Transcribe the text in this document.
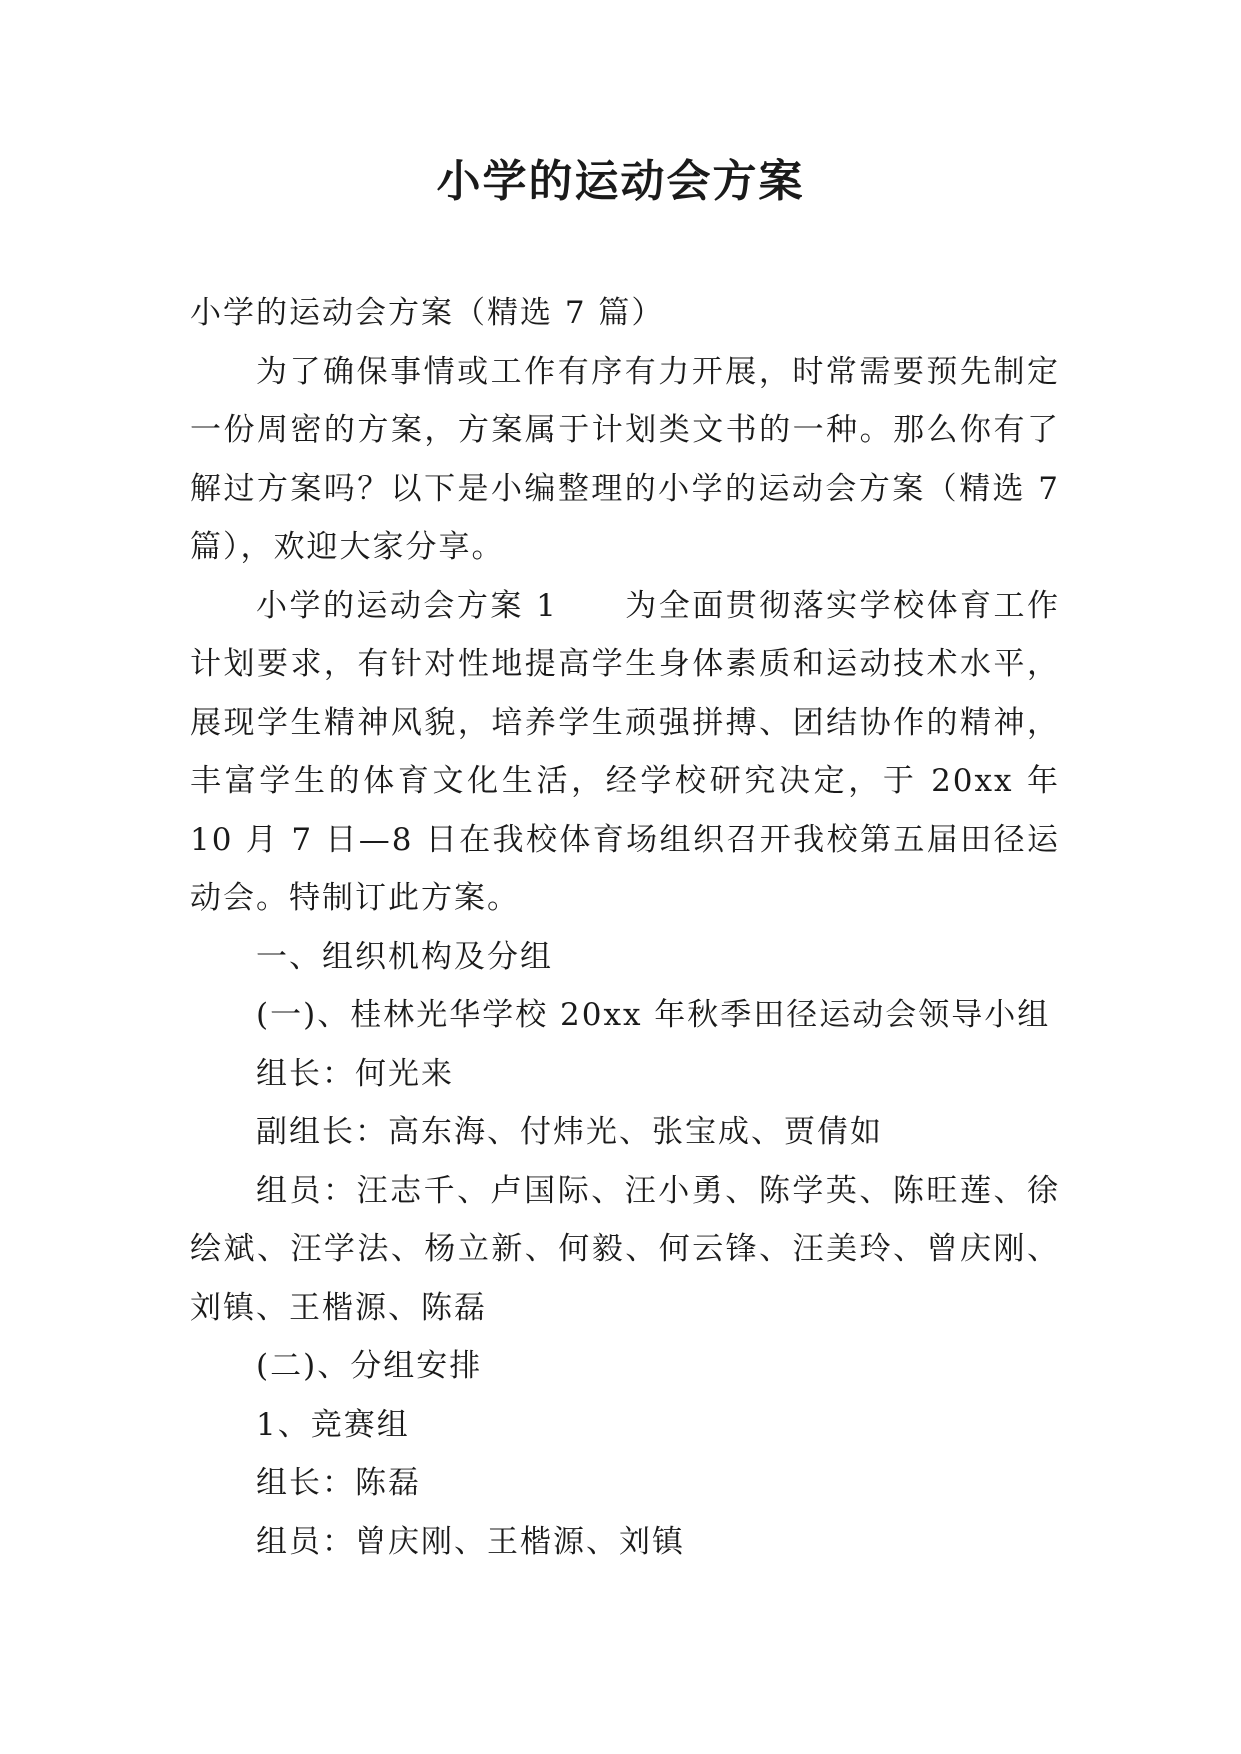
小学的运动会方案

小学的运动会方案（精选 7 篇）

为了确保事情或工作有序有力开展，时常需要预先制定一份周密的方案，方案属于计划类文书的一种。那么你有了解过方案吗？以下是小编整理的小学的运动会方案（精选 7 篇），欢迎大家分享。

小学的运动会方案 1　　为全面贯彻落实学校体育工作计划要求，有针对性地提高学生身体素质和运动技术水平，展现学生精神风貌，培养学生顽强拼搏、团结协作的精神，丰富学生的体育文化生活，经学校研究决定，于 20xx 年 10 月 7 日—8 日在我校体育场组织召开我校第五届田径运动会。特制订此方案。

一、组织机构及分组

(一)、桂林光华学校 20xx 年秋季田径运动会领导小组

组长：何光来

副组长：高东海、付炜光、张宝成、贾倩如

组员：汪志千、卢国际、汪小勇、陈学英、陈旺莲、徐绘斌、汪学法、杨立新、何毅、何云锋、汪美玲、曾庆刚、刘镇、王楷源、陈磊

(二)、分组安排

1、竞赛组

组长：陈磊

组员：曾庆刚、王楷源、刘镇
